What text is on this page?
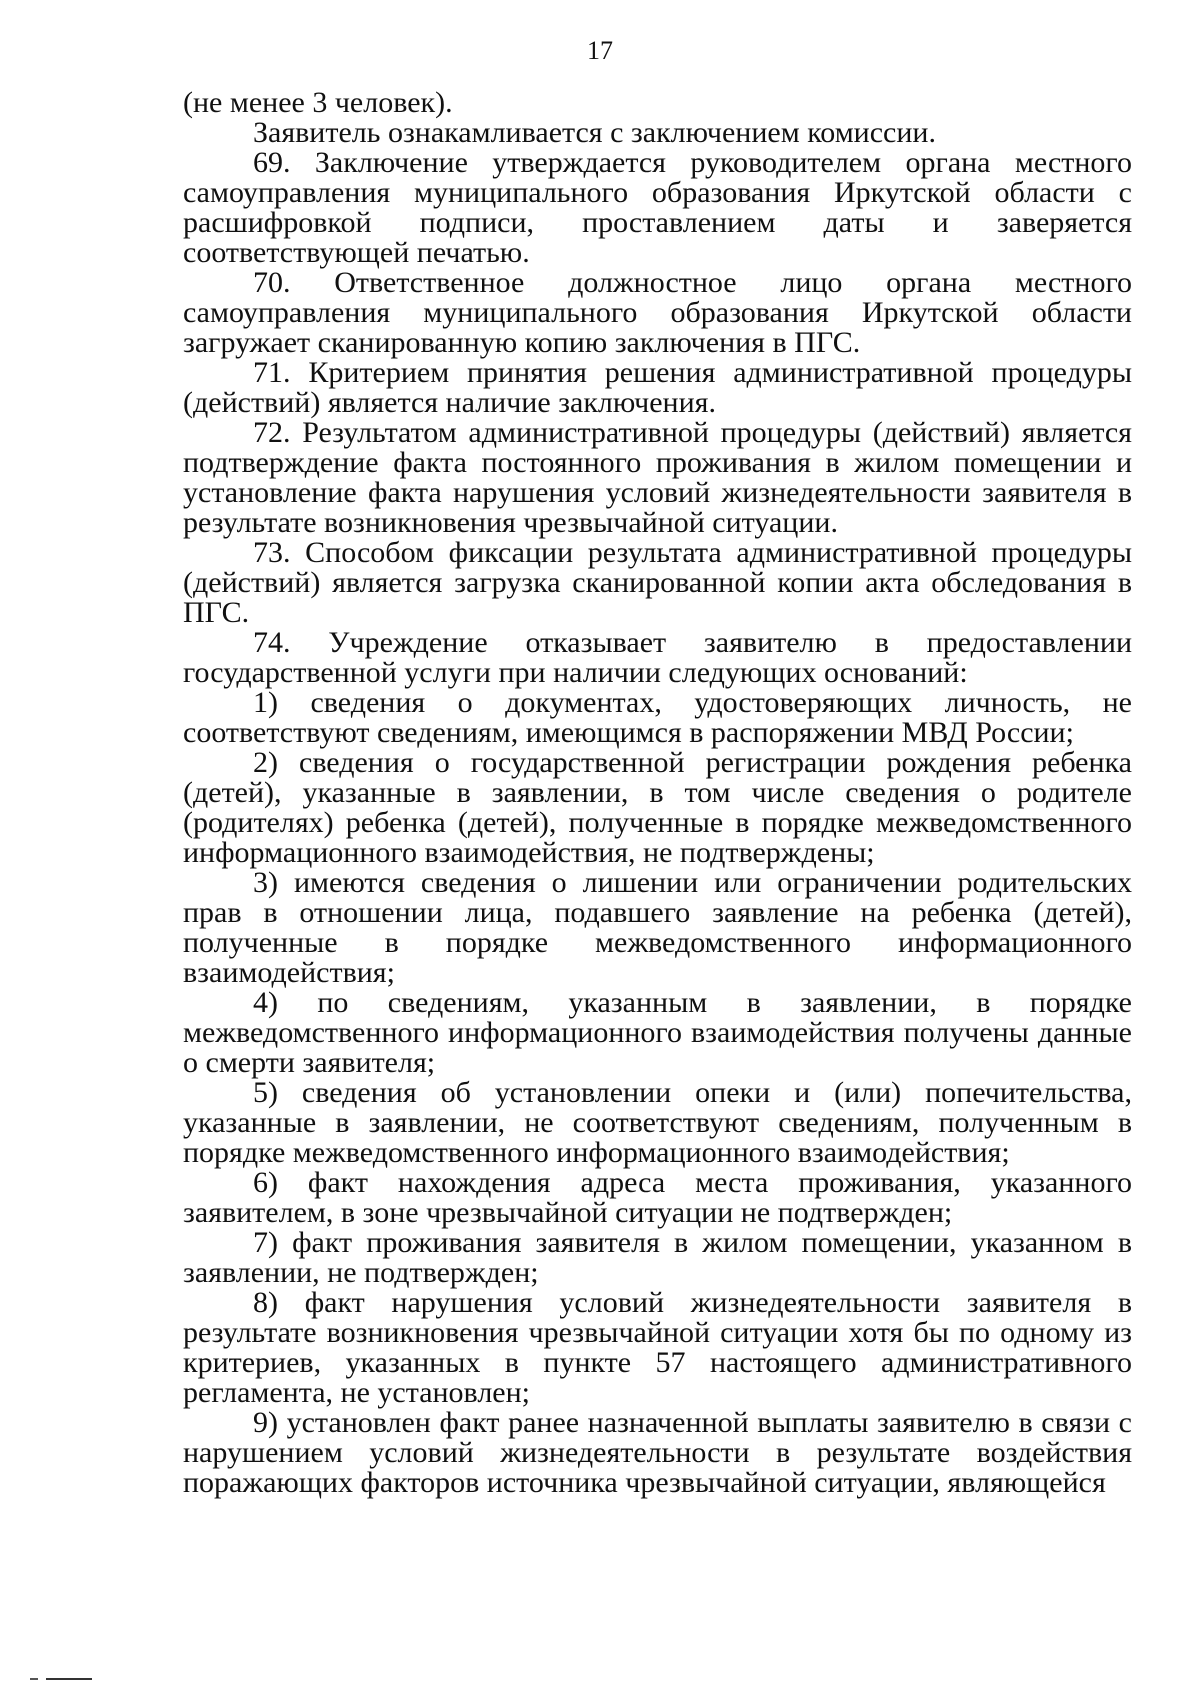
17

(не менее 3 человек).

Заявитель ознакамливается с заключением комиссии.

69. Заключение утверждается руководителем органа местного самоуправления муниципального образования Иркутской области с расшифровкой подписи, проставлением даты и заверяется соответствующей печатью.

70. Ответственное должностное лицо органа местного самоуправления муниципального образования Иркутской области загружает сканированную копию заключения в ПГС.

71. Критерием принятия решения административной процедуры (действий) является наличие заключения.

72. Результатом административной процедуры (действий) является подтверждение факта постоянного проживания в жилом помещении и установление факта нарушения условий жизнедеятельности заявителя в результате возникновения чрезвычайной ситуации.

73. Способом фиксации результата административной процедуры (действий) является загрузка сканированной копии акта обследования в ПГС.

74. Учреждение отказывает заявителю в предоставлении государственной услуги при наличии следующих оснований:

1) сведения о документах, удостоверяющих личность, не соответствуют сведениям, имеющимся в распоряжении МВД России;

2) сведения о государственной регистрации рождения ребенка (детей), указанные в заявлении, в том числе сведения о родителе (родителях) ребенка (детей), полученные в порядке межведомственного информационного взаимодействия, не подтверждены;

3) имеются сведения о лишении или ограничении родительских прав в отношении лица, подавшего заявление на ребенка (детей), полученные в порядке межведомственного информационного взаимодействия;

4) по сведениям, указанным в заявлении, в порядке межведомственного информационного взаимодействия получены данные о смерти заявителя;

5) сведения об установлении опеки и (или) попечительства, указанные в заявлении, не соответствуют сведениям, полученным в порядке межведомственного информационного взаимодействия;

6) факт нахождения адреса места проживания, указанного заявителем, в зоне чрезвычайной ситуации не подтвержден;

7) факт проживания заявителя в жилом помещении, указанном в заявлении, не подтвержден;

8) факт нарушения условий жизнедеятельности заявителя в результате возникновения чрезвычайной ситуации хотя бы по одному из критериев, указанных в пункте 57 настоящего административного регламента, не установлен;

9) установлен факт ранее назначенной выплаты заявителю в связи с нарушением условий жизнедеятельности в результате воздействия поражающих факторов источника чрезвычайной ситуации, являющейся
